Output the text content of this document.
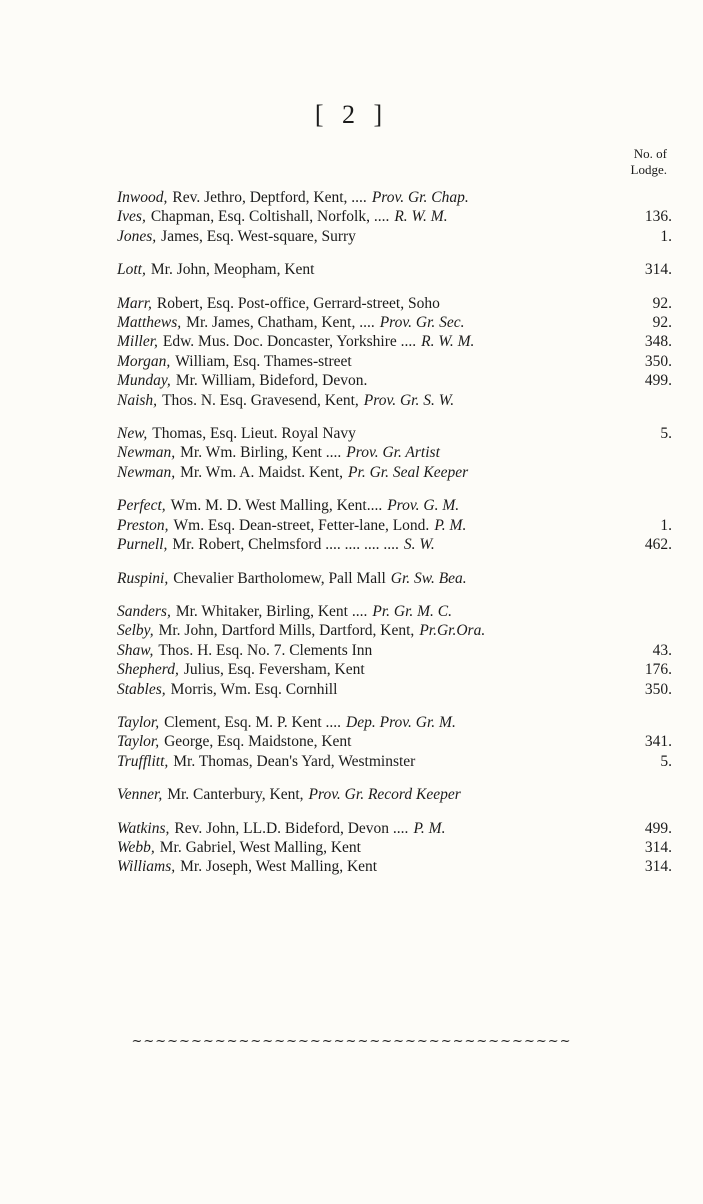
[ 2 ]
No. of
Lodge.
Inwood, Rev. Jethro, Deptford, Kent, .... Prov. Gr. Chap.
Ives, Chapman, Esq. Coltishall, Norfolk, .... R. W. M.	136.
Jones, James, Esq. West-square, Surry	1.
Lott, Mr. John, Meopham, Kent	314.
Marr, Robert, Esq. Post-office, Gerrard-street, Soho	92.
Matthews, Mr. James, Chatham, Kent, .... Prov. Gr. Sec.	92.
Miller, Edw. Mus. Doc. Doncaster, Yorkshire .... R. W. M.	348.
Morgan, William, Esq. Thames-street	350.
Munday, Mr. William, Bideford, Devon.	499.
Naish, Thos. N. Esq. Gravesend, Kent, Prov. Gr. S. W.
New, Thomas, Esq. Lieut. Royal Navy	5.
Newman, Mr. Wm. Birling, Kent .... Prov. Gr. Artist
Newman, Mr. Wm. A. Maidst. Kent, Pr. Gr. Seal Keeper
Perfect, Wm. M. D. West Malling, Kent.... Prov. G. M.
Preston, Wm. Esq. Dean-street, Fetter-lane, Lond. P. M.	1.
Purnell, Mr. Robert, Chelmsford .... .... .... .... S. W.	462.
Ruspini, Chevalier Bartholomew, Pall Mall Gr. Sw. Bea.
Sanders, Mr. Whitaker, Birling, Kent .... Pr. Gr. M. C.
Selby, Mr. John, Dartford Mills, Dartford, Kent, Pr.Gr.Ora.
Shaw, Thos. H. Esq. No. 7. Clements Inn	43.
Shepherd, Julius, Esq. Feversham, Kent	176.
Stables, Morris, Wm. Esq. Cornhill	350.
Taylor, Clement, Esq. M. P. Kent .... Dep. Prov. Gr. M.
Taylor, George, Esq. Maidstone, Kent	341.
Trufflitt, Mr. Thomas, Dean's Yard, Westminster	5.
Venner, Mr. Canterbury, Kent, Prov. Gr. Record Keeper
Watkins, Rev. John, LL.D. Bideford, Devon .... P. M.	499.
Webb, Mr. Gabriel, West Malling, Kent	314.
Williams, Mr. Joseph, West Malling, Kent	314.
~~~~~~~~~~~~~~~~~~~~~~~~~~~~~~~~~~~~~
